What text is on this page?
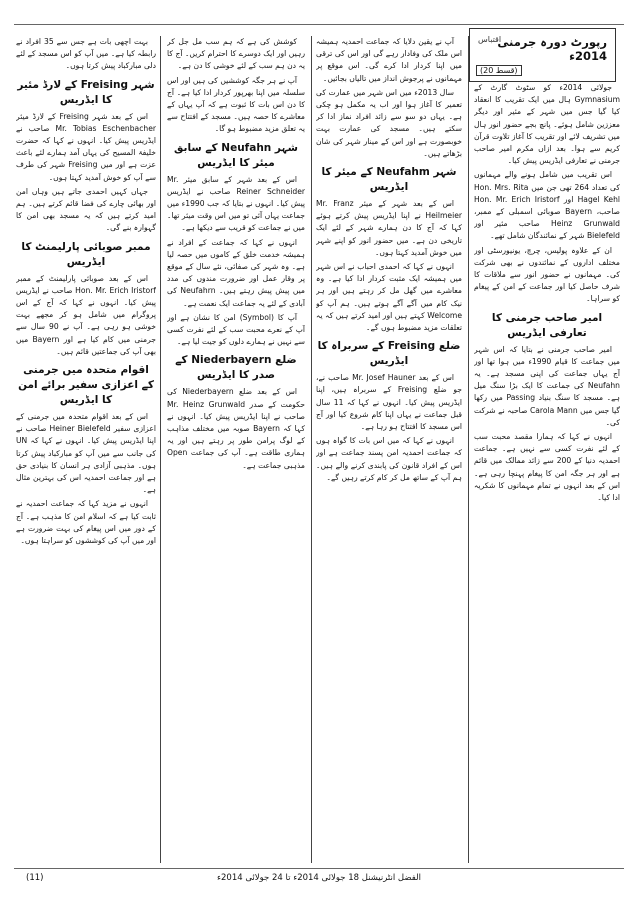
رپورٹ دورہ جرمنی 2014ء
اقتباس
(قسط 20)

جولائی 2014ء کو سٹوٹ گارٹ کے Gymnasium ہال میں ایک تقریب کا انعقاد کیا گیا جس میں شہر کے مئیر اور دیگر معززین شامل ہوئے۔ پانچ بجے حضور انور ہال میں تشریف لائے اور تقریب کا آغاز تلاوت قرآن کریم سے ہوا۔ بعد ازاں مکرم امیر صاحب جرمنی نے تعارفی ایڈریس پیش کیا۔

اس تقریب میں شامل ہونے والے مہمانوں کی تعداد 264 تھی جن میں Hon. Mrs. Rita Hagel Kehl اور Hon. Mr. Erich Iristorf صاحب، Bayern صوبائی اسمبلی کے ممبر، Heinz Grunwald صاحب مئیر اور Bielefeld شہر کے نمائندگان شامل تھے۔

ان کے علاوہ پولیس، چرچ، یونیورسٹی اور مختلف اداروں کے نمائندوں نے بھی شرکت کی۔ مہمانوں نے حضور انور سے ملاقات کا شرف حاصل کیا اور جماعت کے امن کے پیغام کو سراہا۔

امیر صاحب جرمنی کا تعارفی ایڈریس

امیر صاحب جرمنی نے بتایا کہ اس شہر میں جماعت کا قیام 1990ء میں ہوا تھا اور آج یہاں جماعت کی اپنی مسجد ہے۔ یہ Neufahn کی جماعت کا ایک بڑا سنگ میل ہے۔ مسجد کا سنگ بنیاد Passing میں رکھا گیا جس میں Carola Mann صاحبہ نے شرکت کی۔

انہوں نے کہا کہ ہمارا مقصد محبت سب کے لئے نفرت کسی سے نہیں ہے۔ جماعت احمدیہ دنیا کے 200 سے زائد ممالک میں قائم ہے اور ہر جگہ امن کا پیغام پہنچا رہی ہے۔ اس کے بعد انہوں نے تمام مہمانوں کا شکریہ ادا کیا۔

آپ نے یقین دلایا کہ جماعت احمدیہ ہمیشہ اس ملک کی وفادار رہے گی اور اس کی ترقی میں اپنا کردار ادا کرے گی۔ اس موقع پر مہمانوں نے پرجوش انداز میں تالیاں بجائیں۔

سال 2013ء میں اس شہر میں عمارت کی تعمیر کا آغاز ہوا اور اب یہ مکمل ہو چکی ہے۔ یہاں دو سو سے زائد افراد نماز ادا کر سکتے ہیں۔ مسجد کی عمارت بہت خوبصورت ہے اور اس کے مینار شہر کی شان بڑھاتے ہیں۔

شہر Neufahm کے میئر کا ایڈریس

اس کے بعد شہر کے میئر Mr. Franz Heilmeier نے اپنا ایڈریس پیش کرتے ہوئے کہا کہ آج کا دن ہمارے شہر کے لئے ایک تاریخی دن ہے۔ میں حضور انور کو اپنے شہر میں خوش آمدید کہتا ہوں۔

انہوں نے کہا کہ احمدی احباب نے اس شہر میں ہمیشہ ایک مثبت کردار ادا کیا ہے۔ وہ معاشرے میں گھل مل کر رہتے ہیں اور ہر نیک کام میں آگے آگے ہوتے ہیں۔ ہم آپ کو Welcome کہتے ہیں اور امید کرتے ہیں کہ یہ تعلقات مزید مضبوط ہوں گے۔

ضلع Freising کے سربراہ کا ایڈریس

اس کے بعد Mr. Josef Hauner صاحب نے، جو ضلع Freising کے سربراہ ہیں، اپنا ایڈریس پیش کیا۔ انہوں نے کہا کہ 11 سال قبل جماعت نے یہاں اپنا کام شروع کیا اور آج اس مسجد کا افتتاح ہو رہا ہے۔

انہوں نے کہا کہ میں اس بات کا گواہ ہوں کہ جماعت احمدیہ امن پسند جماعت ہے اور اس کے افراد قانون کی پابندی کرنے والے ہیں۔ ہم آپ کے ساتھ مل کر کام کرتے رہیں گے۔

کوشش کی ہے کہ ہم سب مل جل کر رہیں اور ایک دوسرے کا احترام کریں۔ آج کا یہ دن ہم سب کے لئے خوشی کا دن ہے۔

آپ نے ہر جگہ کوششیں کی ہیں اور اس سلسلہ میں اپنا بھرپور کردار ادا کیا ہے۔ آج کا دن اس بات کا ثبوت ہے کہ آپ یہاں کے معاشرے کا حصہ ہیں۔ مسجد کے افتتاح سے یہ تعلق مزید مضبوط ہو گا۔

شہر Neufahn کے سابق میئر کا ایڈریس

اس کے بعد شہر کے سابق میئر Mr. Reiner Schneider صاحب نے ایڈریس پیش کیا۔ انہوں نے بتایا کہ جب 1990ء میں جماعت یہاں آئی تو میں اس وقت میئر تھا۔ میں نے جماعت کو قریب سے دیکھا ہے۔

انہوں نے کہا کہ جماعت کے افراد نے ہمیشہ خدمت خلق کے کاموں میں حصہ لیا ہے۔ وہ شہر کی صفائی، نئے سال کے موقع پر وقار عمل اور ضرورت مندوں کی مدد میں پیش پیش رہتے ہیں۔ Neufahrn کی آبادی کے لئے یہ جماعت ایک نعمت ہے۔

آپ کا (Symbol) امن کا نشان ہے اور آپ کے نعرے محبت سب کے لئے نفرت کسی سے نہیں نے ہمارے دلوں کو جیت لیا ہے۔

ضلع Niederbayern کے صدر کا ایڈریس

اس کے بعد ضلع Niederbayern کی حکومت کے صدر Mr. Heinz Grunwald صاحب نے اپنا ایڈریس پیش کیا۔ انہوں نے کہا کہ Bayern صوبہ میں مختلف مذاہب کے لوگ پرامن طور پر رہتے ہیں اور یہ ہماری طاقت ہے۔ آپ کی جماعت Open مذہبی جماعت ہے۔

بہت اچھی بات ہے جس سے 35 افراد نے رابطہ کیا ہے۔ میں آپ کو اس مسجد کے لئے دلی مبارکباد پیش کرتا ہوں۔

شہر Freising کے لارڈ مئیر کا ایڈریس

اس کے بعد شہر Freising کے لارڈ میئر Mr. Tobias Eschenbacher صاحب نے ایڈریس پیش کیا۔ انہوں نے کہا کہ حضرت خلیفۃ المسیح کی یہاں آمد ہمارے لئے باعث عزت ہے اور میں Freising شہر کی طرف سے آپ کو خوش آمدید کہتا ہوں۔

جہاں کہیں احمدی جاتے ہیں وہاں امن اور بھائی چارے کی فضا قائم کرتے ہیں۔ ہم امید کرتے ہیں کہ یہ مسجد بھی امن کا گہوارہ بنے گی۔

ممبر صوبائی پارلیمنٹ کا ایڈریس

اس کے بعد صوبائی پارلیمنٹ کے ممبر Hon. Mr. Erich Iristorf صاحب نے ایڈریس پیش کیا۔ انہوں نے کہا کہ آج کے اس پروگرام میں شامل ہو کر مجھے بہت خوشی ہو رہی ہے۔ آپ نے 90 سال سے جرمنی میں کام کیا ہے اور Bayern میں بھی آپ کی جماعتیں قائم ہیں۔

اقوام متحدہ میں جرمنی کے اعزازی سفیر برائے امن کا ایڈریس

اس کے بعد اقوام متحدہ میں جرمنی کے اعزازی سفیر Heiner Bielefeld صاحب نے اپنا ایڈریس پیش کیا۔ انہوں نے کہا کہ UN کی جانب سے میں آپ کو مبارکباد پیش کرتا ہوں۔ مذہبی آزادی ہر انسان کا بنیادی حق ہے اور جماعت احمدیہ اس کی بہترین مثال ہے۔

انہوں نے مزید کہا کہ جماعت احمدیہ نے ثابت کیا ہے کہ اسلام امن کا مذہب ہے۔ آج کے دور میں اس پیغام کی بہت ضرورت ہے اور میں آپ کی کوششوں کو سراہتا ہوں۔

الفضل انٹرنیشنل 18 جولائی 2014ء تا 24 جولائی 2014ء
(11)
